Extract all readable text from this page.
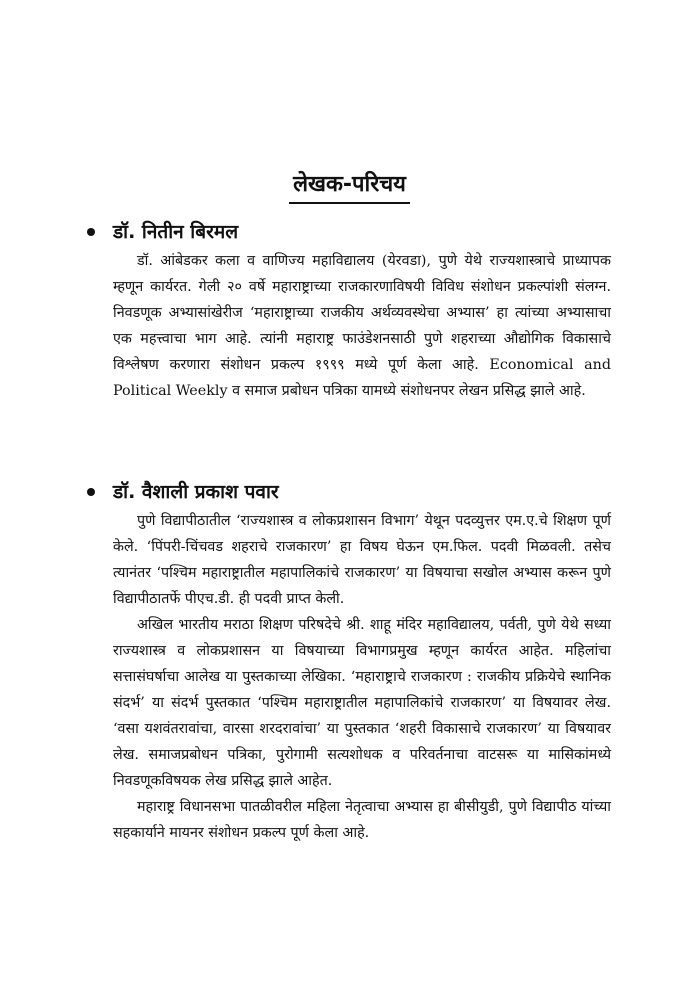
लेखक-परिचय
डॉ. नितीन बिरमल

डॉ. आंबेडकर कला व वाणिज्य महाविद्यालय (येरवडा), पुणे येथे राज्यशास्त्राचे प्राध्यापक म्हणून कार्यरत. गेली २० वर्षे महाराष्ट्राच्या राजकारणाविषयी विविध संशोधन प्रकल्पांशी संलग्न. निवडणूक अभ्यासांखेरीज ‘महाराष्ट्राच्या राजकीय अर्थव्यवस्थेचा अभ्यास’ हा त्यांच्या अभ्यासाचा एक महत्त्वाचा भाग आहे. त्यांनी महाराष्ट्र फाउंडेशनसाठी पुणे शहराच्या औद्योगिक विकासाचे विश्लेषण करणारा संशोधन प्रकल्प १९९९ मध्ये पूर्ण केला आहे. Economical and Political Weekly व समाज प्रबोधन पत्रिका यामध्ये संशोधनपर लेखन प्रसिद्ध झाले आहे.

डॉ. वैशाली प्रकाश पवार

पुणे विद्यापीठातील ‘राज्यशास्त्र व लोकप्रशासन विभाग’ येथून पदव्युत्तर एम.ए.चे शिक्षण पूर्ण केले. ‘पिंपरी-चिंचवड शहराचे राजकारण’ हा विषय घेऊन एम.फिल. पदवी मिळवली. तसेच त्यानंतर ‘पश्चिम महाराष्ट्रातील महापालिकांचे राजकारण’ या विषयाचा सखोल अभ्यास करून पुणे विद्यापीठातर्फे पीएच.डी. ही पदवी प्राप्त केली.

अखिल भारतीय मराठा शिक्षण परिषदेचे श्री. शाहू मंदिर महाविद्यालय, पर्वती, पुणे येथे सध्या राज्यशास्त्र व लोकप्रशासन या विषयाच्या विभागप्रमुख म्हणून कार्यरत आहेत. महिलांचा सत्तासंघर्षाचा आलेख या पुस्तकाच्या लेखिका. ‘महाराष्ट्राचे राजकारण : राजकीय प्रक्रियेचे स्थानिक संदर्भ’ या संदर्भ पुस्तकात ‘पश्चिम महाराष्ट्रातील महापालिकांचे राजकारण’ या विषयावर लेख. ‘वसा यशवंतरावांचा, वारसा शरदरावांचा’ या पुस्तकात ‘शहरी विकासाचे राजकारण’ या विषयावर लेख. समाजप्रबोधन पत्रिका, पुरोगामी सत्यशोधक व परिवर्तनाचा वाटसरू या मासिकांमध्ये निवडणूकविषयक लेख प्रसिद्ध झाले आहेत.

महाराष्ट्र विधानसभा पातळीवरील महिला नेतृत्वाचा अभ्यास हा बीसीयुडी, पुणे विद्यापीठ यांच्या सहकार्याने मायनर संशोधन प्रकल्प पूर्ण केला आहे.
